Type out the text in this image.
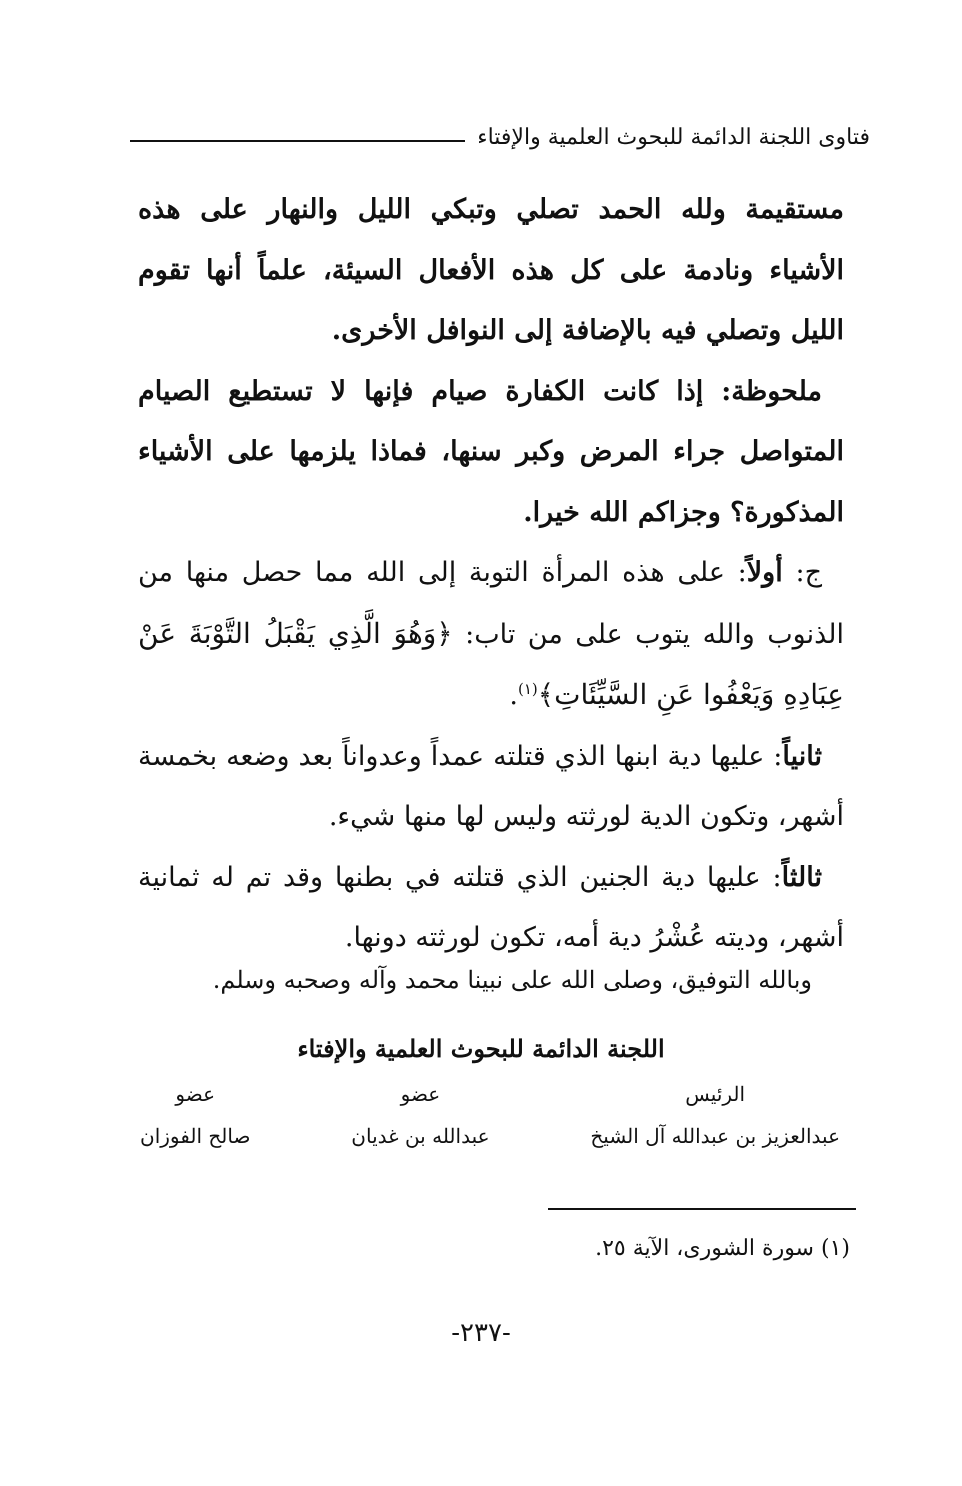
فتاوى اللجنة الدائمة للبحوث العلمية والإفتاء

مستقيمة ولله الحمد تصلي وتبكي الليل والنهار على هذه الأشياء ونادمة على كل هذه الأفعال السيئة، علماً أنها تقوم الليل وتصلي فيه بالإضافة إلى النوافل الأخرى.

ملحوظة: إذا كانت الكفارة صيام فإنها لا تستطيع الصيام المتواصل جراء المرض وكبر سنها، فماذا يلزمها على الأشياء المذكورة؟ وجزاكم الله خيرا.

ج: أولاً: على هذه المرأة التوبة إلى الله مما حصل منها من الذنوب والله يتوب على من تاب: ﴿وَهُوَ الَّذِي يَقْبَلُ التَّوْبَةَ عَنْ عِبَادِهِ وَيَعْفُوا عَنِ السَّيِّئَاتِ﴾$^{(١)}$.

ثانياً: عليها دية ابنها الذي قتلته عمداً وعدواناً بعد وضعه بخمسة أشهر، وتكون الدية لورثته وليس لها منها شيء.

ثالثاً: عليها دية الجنين الذي قتلته في بطنها وقد تم له ثمانية أشهر، وديته عُشْرُ دية أمه، تكون لورثته دونها.

وبالله التوفيق، وصلى الله على نبينا محمد وآله وصحبه وسلم.
اللجنة الدائمة للبحوث العلمية والإفتاء
الرئيس
عبدالعزيز بن عبدالله آل الشيخ
عضو
عبدالله بن غديان
عضو
صالح الفوزان
(١) سورة الشورى، الآية ٢٥.
-٢٣٧-
